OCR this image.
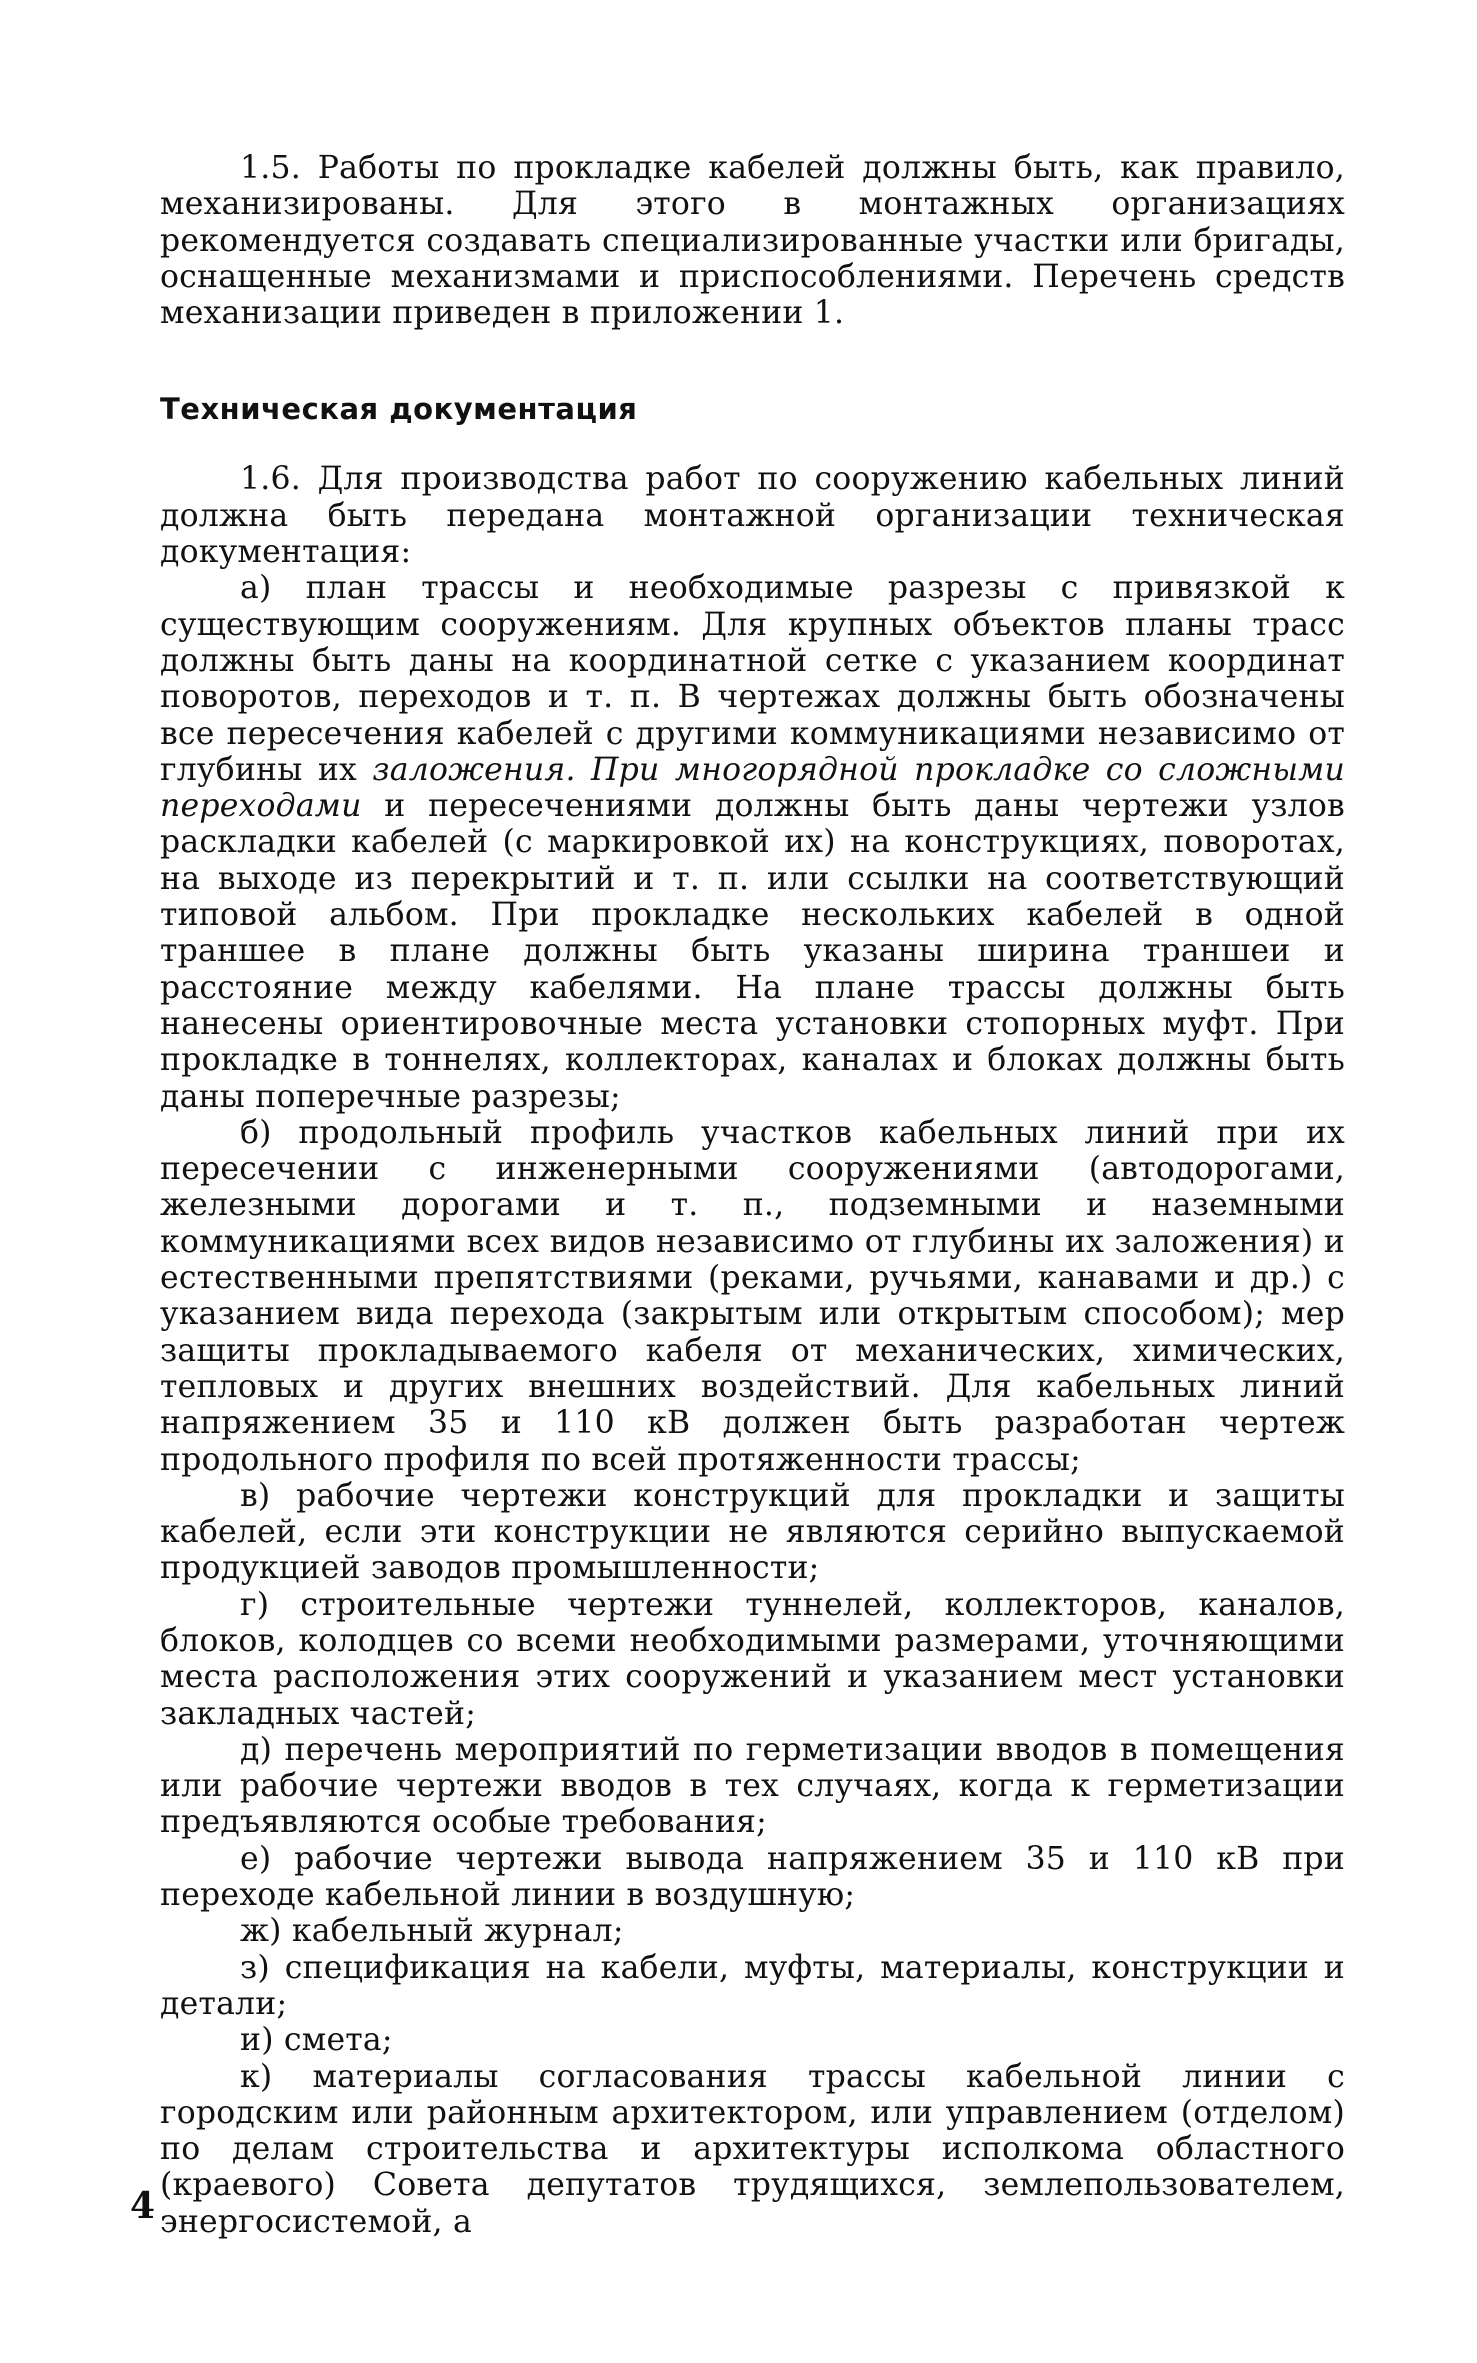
1.5. Работы по прокладке кабелей должны быть, как правило, механизированы. Для этого в монтажных организациях рекомендуется создавать специализированные участки или бригады, оснащенные механизмами и приспособлениями. Перечень средств механизации приведен в приложении 1.

Техническая документация

1.6. Для производства работ по сооружению кабельных линий должна быть передана монтажной организации техническая документация:

а) план трассы и необходимые разрезы с привязкой к существующим сооружениям. Для крупных объектов планы трасс должны быть даны на координатной сетке с указанием координат поворотов, переходов и т. п. В чертежах должны быть обозначены все пересечения кабелей с другими коммуникациями независимо от глубины их заложения. При многорядной прокладке со сложными переходами и пересечениями должны быть даны чертежи узлов раскладки кабелей (с маркировкой их) на конструкциях, поворотах, на выходе из перекрытий и т. п. или ссылки на соответствующий типовой альбом. При прокладке нескольких кабелей в одной траншее в плане должны быть указаны ширина траншеи и расстояние между кабелями. На плане трассы должны быть нанесены ориентировочные места установки стопорных муфт. При прокладке в тоннелях, коллекторах, каналах и блоках должны быть даны поперечные разрезы;

б) продольный профиль участков кабельных линий при их пересечении с инженерными сооружениями (автодорогами, железными дорогами и т. п., подземными и наземными коммуникациями всех видов независимо от глубины их заложения) и естественными препятствиями (реками, ручьями, канавами и др.) с указанием вида перехода (закрытым или открытым способом); мер защиты прокладываемого кабеля от механических, химических, тепловых и других внешних воздействий. Для кабельных линий напряжением 35 и 110 кВ должен быть разработан чертеж продольного профиля по всей протяженности трассы;

в) рабочие чертежи конструкций для прокладки и защиты кабелей, если эти конструкции не являются серийно выпускаемой продукцией заводов промышленности;

г) строительные чертежи туннелей, коллекторов, каналов, блоков, колодцев со всеми необходимыми размерами, уточняющими места расположения этих сооружений и указанием мест установки закладных частей;

д) перечень мероприятий по герметизации вводов в помещения или рабочие чертежи вводов в тех случаях, когда к герметизации предъявляются особые требования;

е) рабочие чертежи вывода напряжением 35 и 110 кВ при переходе кабельной линии в воздушную;

ж) кабельный журнал;

з) спецификация на кабели, муфты, материалы, конструкции и детали;

и) смета;

к) материалы согласования трассы кабельной линии с городским или районным архитектором, или управлением (отделом) по делам строительства и архитектуры исполкома областного (краевого) Совета депутатов трудящихся, землепользователем, энергосистемой, а

4
